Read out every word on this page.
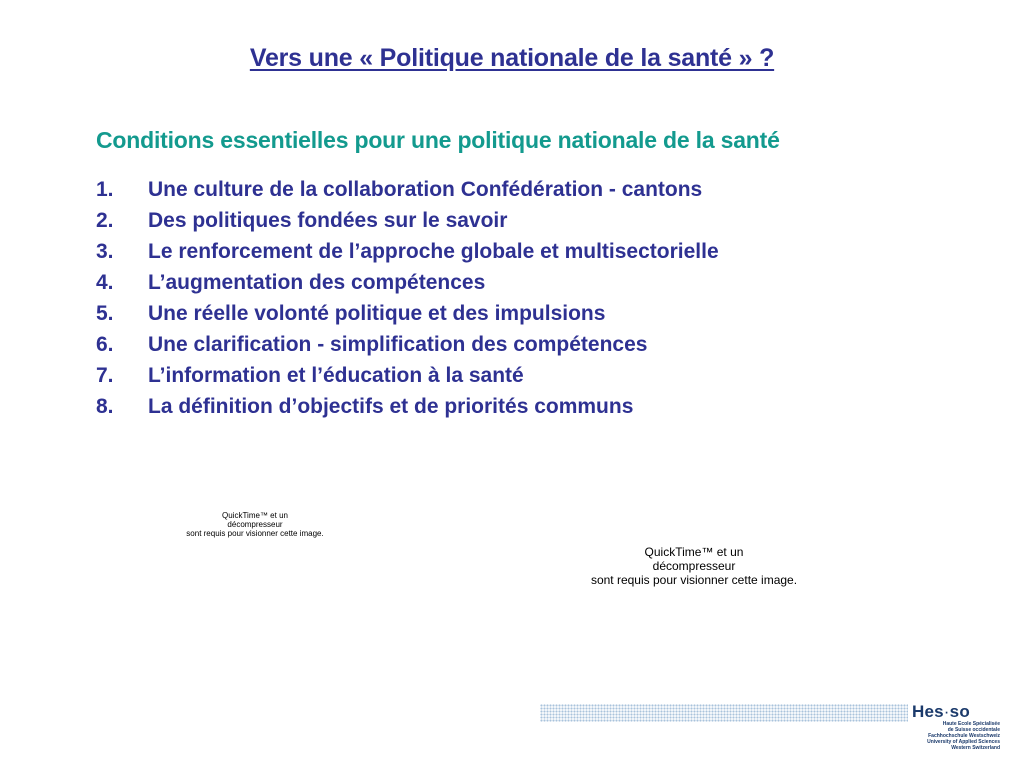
Vers une « Politique nationale de la santé » ?
Conditions essentielles pour une politique nationale de la santé
1.	Une culture de la collaboration Confédération - cantons
2.	Des politiques fondées sur le savoir
3.	Le renforcement de l’approche globale et multisectorielle
4.	L’augmentation des compétences
5.	Une réelle volonté politique et des impulsions
6.	Une clarification - simplification des compétences
7.	L’information et l’éducation à la santé
8.	La définition d’objectifs et de priorités communs
QuickTime™ et un
décompresseur
sont requis pour visionner cette image.
QuickTime™ et un
décompresseur
sont requis pour visionner cette image.
Hes·so
Haute Ecole Spécialisée
de Suisse occidentale
Fachhochschule Westschweiz
University of Applied Sciences
Western Switzerland
